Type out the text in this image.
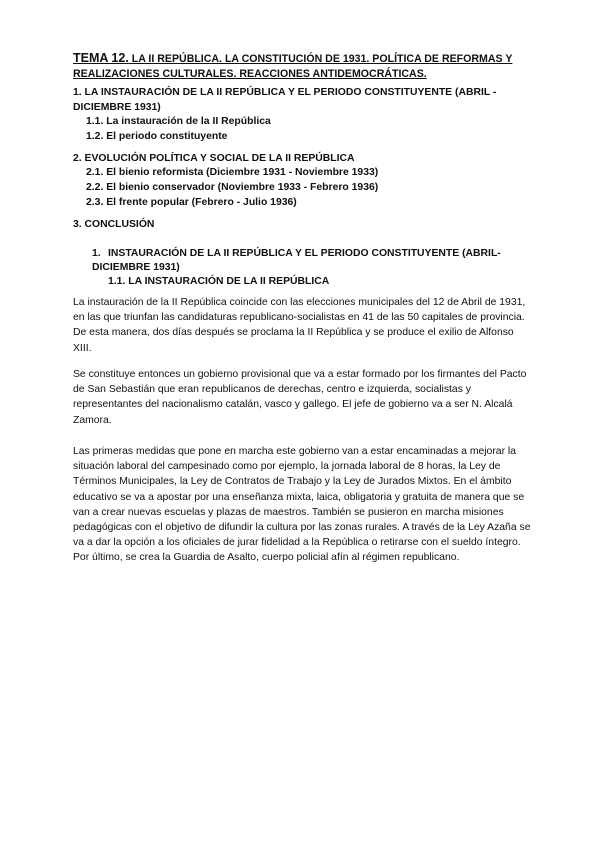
TEMA 12. LA II REPÚBLICA. LA CONSTITUCIÓN DE 1931. POLÍTICA DE REFORMAS Y REALIZACIONES CULTURALES. REACCIONES ANTIDEMOCRÁTICAS.
1. LA INSTAURACIÓN DE LA II REPÚBLICA Y EL PERIODO CONSTITUYENTE (ABRIL - DICIEMBRE 1931)
1.1. La instauración de la II República
1.2. El periodo constituyente
2. EVOLUCIÓN POLÍTICA Y SOCIAL DE LA II REPÚBLICA
2.1. El bienio reformista (Diciembre 1931 - Noviembre 1933)
2.2. El bienio conservador (Noviembre 1933 - Febrero 1936)
2.3. El frente popular (Febrero - Julio 1936)
3. CONCLUSIÓN
1. INSTAURACIÓN DE LA II REPÚBLICA Y EL PERIODO CONSTITUYENTE (ABRIL-DICIEMBRE 1931)
1.1. LA INSTAURACIÓN DE LA II REPÚBLICA

La instauración de la II República coincide con las elecciones municipales del 12 de Abril de 1931, en las que triunfan las candidaturas republicano-socialistas en 41 de las 50 capitales de provincia. De esta manera, dos días después se proclama la II República y se produce el exilio de Alfonso XIII.

Se constituye entonces un gobierno provisional que va a estar formado por los firmantes del Pacto de San Sebastián que eran republicanos de derechas, centro e izquierda, socialistas y representantes del nacionalismo catalán, vasco y gallego. El jefe de gobierno va a ser N. Alcalá Zamora.

Las primeras medidas que pone en marcha este gobierno van a estar encaminadas a mejorar la situación laboral del campesinado como por ejemplo, la jornada laboral de 8 horas, la Ley de Términos Municipales, la Ley de Contratos de Trabajo y la Ley de Jurados Mixtos. En el ámbito educativo se va a apostar por una enseñanza mixta, laica, obligatoria y gratuita de manera que se van a crear nuevas escuelas y plazas de maestros. También se pusieron en marcha misiones pedagógicas con el objetivo de difundir la cultura por las zonas rurales. A través de la Ley Azaña se va a dar la opción a los oficiales de jurar fidelidad a la República o retirarse con el sueldo íntegro. Por último, se crea la Guardia de Asalto, cuerpo policial afín al régimen republicano.
